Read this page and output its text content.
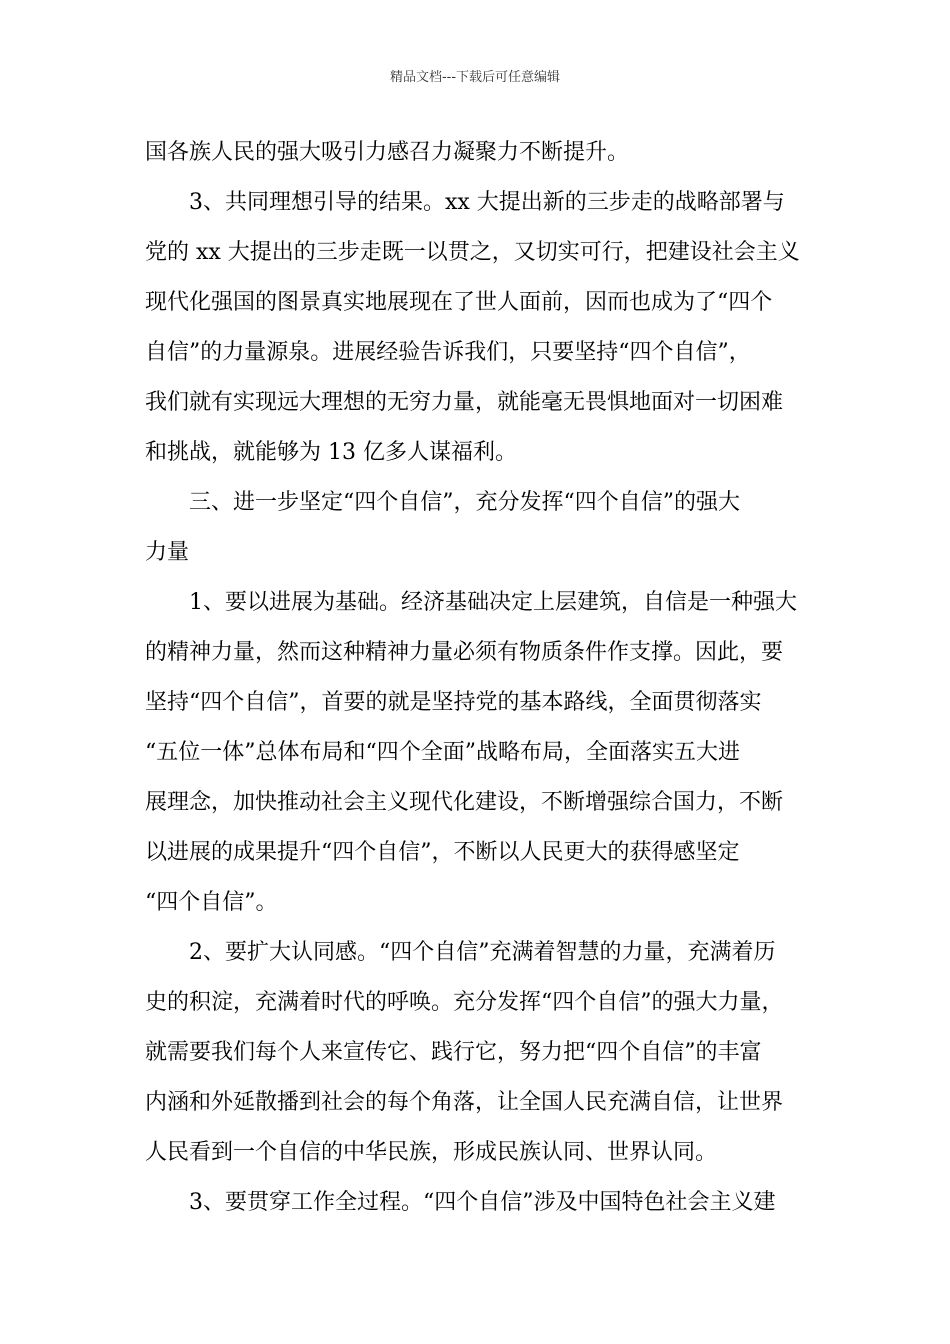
精品文档---下载后可任意编辑
国各族人民的强大吸引力感召力凝聚力不断提升。
3、共同理想引导的结果。xx 大提出新的三步走的战略部署与
党的 xx 大提出的三步走既一以贯之，又切实可行，把建设社会主义
现代化强国的图景真实地展现在了世人面前，因而也成为了“四个
自信”的力量源泉。进展经验告诉我们，只要坚持“四个自信”，
我们就有实现远大理想的无穷力量，就能毫无畏惧地面对一切困难
和挑战，就能够为 13 亿多人谋福利。
三、进一步坚定“四个自信”，充分发挥“四个自信”的强大
力量
1、要以进展为基础。经济基础决定上层建筑，自信是一种强大
的精神力量，然而这种精神力量必须有物质条件作支撑。因此，要
坚持“四个自信”，首要的就是坚持党的基本路线，全面贯彻落实
“五位一体”总体布局和“四个全面”战略布局，全面落实五大进
展理念，加快推动社会主义现代化建设，不断增强综合国力，不断
以进展的成果提升“四个自信”，不断以人民更大的获得感坚定
“四个自信”。
2、要扩大认同感。“四个自信”充满着智慧的力量，充满着历
史的积淀，充满着时代的呼唤。充分发挥“四个自信”的强大力量，
就需要我们每个人来宣传它、践行它，努力把“四个自信”的丰富
内涵和外延散播到社会的每个角落，让全国人民充满自信，让世界
人民看到一个自信的中华民族，形成民族认同、世界认同。
3、要贯穿工作全过程。“四个自信”涉及中国特色社会主义建
